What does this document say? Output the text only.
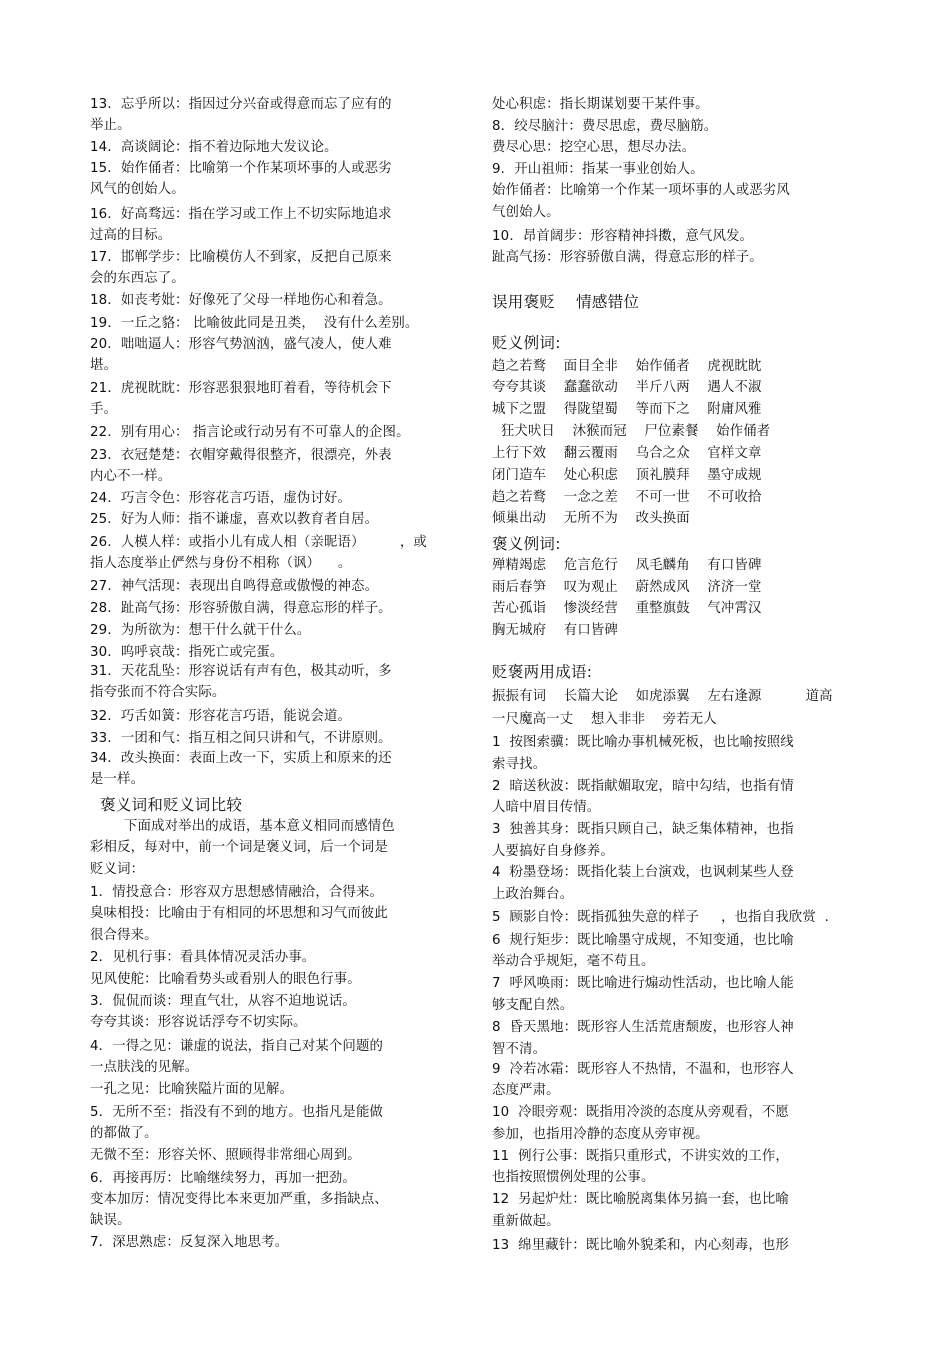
13．忘乎所以：指因过分兴奋或得意而忘了应有的
举止。
14．高谈阔论：指不着边际地大发议论。
15．始作俑者：比喻第一个作某项坏事的人或恶劣
风气的创始人。
16．好高骛远：指在学习或工作上不切实际地追求
过高的目标。
17．邯郸学步：比喻模仿人不到家，反把自己原来
会的东西忘了。
18．如丧考妣：好像死了父母一样地伤心和着急。
19．一丘之貉： 比喻彼此同是丑类，  没有什么差别。
20．咄咄逼人：形容气势汹汹，盛气凌人，使人难
堪。
21．虎视眈眈：形容恶狠狠地盯着看，等待机会下
手。
22．别有用心： 指言论或行动另有不可靠人的企图。
23．衣冠楚楚：衣帽穿戴得很整齐，很漂亮，外表
内心不一样。
24．巧言令色：形容花言巧语，虚伪讨好。
25．好为人师：指不谦虚，喜欢以教育者自居。
26．人模人样：或指小儿有成人相（亲昵语）        ，或
指人态度举止俨然与身份不相称（讽）    。
27．神气活现：表现出自鸣得意或傲慢的神态。
28．趾高气扬：形容骄傲自满，得意忘形的样子。
29．为所欲为：想干什么就干什么。
30．呜呼哀哉：指死亡或完蛋。
31．天花乱坠：形容说话有声有色，极其动听，多
指夸张而不符合实际。
32．巧舌如簧：形容花言巧语，能说会道。
33．一团和气：指互相之间只讲和气，不讲原则。
34．改头换面：表面上改一下，实质上和原来的还
是一样。
褒义词和贬义词比较
下面成对举出的成语，基本意义相同而感情色
彩相反，每对中，前一个词是褒义词，后一个词是
贬义词：
1．情投意合：形容双方思想感情融洽，合得来。
臭味相投：比喻由于有相同的坏思想和习气而彼此
很合得来。
2．见机行事：看具体情况灵活办事。
见风使舵：比喻看势头或看别人的眼色行事。
3．侃侃而谈：理直气壮，从容不迫地说话。
夸夸其谈：形容说话浮夸不切实际。
4．一得之见：谦虚的说法，指自己对某个问题的
一点肤浅的见解。
一孔之见：比喻狭隘片面的见解。
5．无所不至：指没有不到的地方。也指凡是能做
的都做了。
无微不至：形容关怀、照顾得非常细心周到。
6．再接再厉：比喻继续努力，再加一把劲。
变本加厉：情况变得比本来更加严重，多指缺点、
缺误。
7．深思熟虑：反复深入地思考。
处心积虑：指长期谋划要干某件事。
8．绞尽脑汁：费尽思虑，费尽脑筋。
费尽心思：挖空心思，想尽办法。
9．开山祖师：指某一事业创始人。
始作俑者：比喻第一个作某一项坏事的人或恶劣风
气创始人。
10．昂首阔步：形容精神抖擞，意气风发。
趾高气扬：形容骄傲自满，得意忘形的样子。
误用褒贬    情感错位
贬义例词:
趋之若鹜    面目全非    始作俑者    虎视眈眈
夸夸其谈    蠢蠢欲动    半斤八两    遇人不淑
城下之盟    得陇望蜀    等而下之    附庸风雅
狂犬吠日    沐猴而冠    尸位素餐    始作俑者
上行下效    翻云覆雨    乌合之众    官样文章
闭门造车    处心积虑    顶礼膜拜    墨守成规
趋之若鹜    一念之差    不可一世    不可收拾
倾巢出动    无所不为    改头换面
褒义例词:
殚精竭虑    危言危行    凤毛麟角    有口皆碑
雨后春笋    叹为观止    蔚然成风    济济一堂
苦心孤诣    惨淡经营    重整旗鼓    气冲霄汉
胸无城府    有口皆碑
贬褒两用成语:
振振有词    长篇大论    如虎添翼    左右逢源          道高
一尺魔高一丈    想入非非    旁若无人
1  按图索骥：既比喻办事机械死板，也比喻按照线
索寻找。
2  暗送秋波：既指献媚取宠，暗中勾结，也指有情
人暗中眉目传情。
3  独善其身：既指只顾自己，缺乏集体精神，也指
人要搞好自身修养。
4  粉墨登场：既指化装上台演戏，也讽刺某些人登
上政治舞台。
5  顾影自怜：既指孤独失意的样子     ，也指自我欣赏  .
6  规行矩步：既比喻墨守成规，不知变通，也比喻
举动合乎规矩，毫不苟且。
7  呼风唤雨：既比喻进行煽动性活动，也比喻人能
够支配自然。
8  昏天黑地：既形容人生活荒唐颓废，也形容人神
智不清。
9  冷若冰霜：既形容人不热情，不温和，也形容人
态度严肃。
10  冷眼旁观：既指用冷淡的态度从旁观看，不愿
参加，也指用冷静的态度从旁审视。
11  例行公事：既指只重形式，不讲实效的工作，
也指按照惯例处理的公事。
12  另起炉灶：既比喻脱离集体另搞一套，也比喻
重新做起。
13  绵里藏针：既比喻外貌柔和，内心刻毒，也形
